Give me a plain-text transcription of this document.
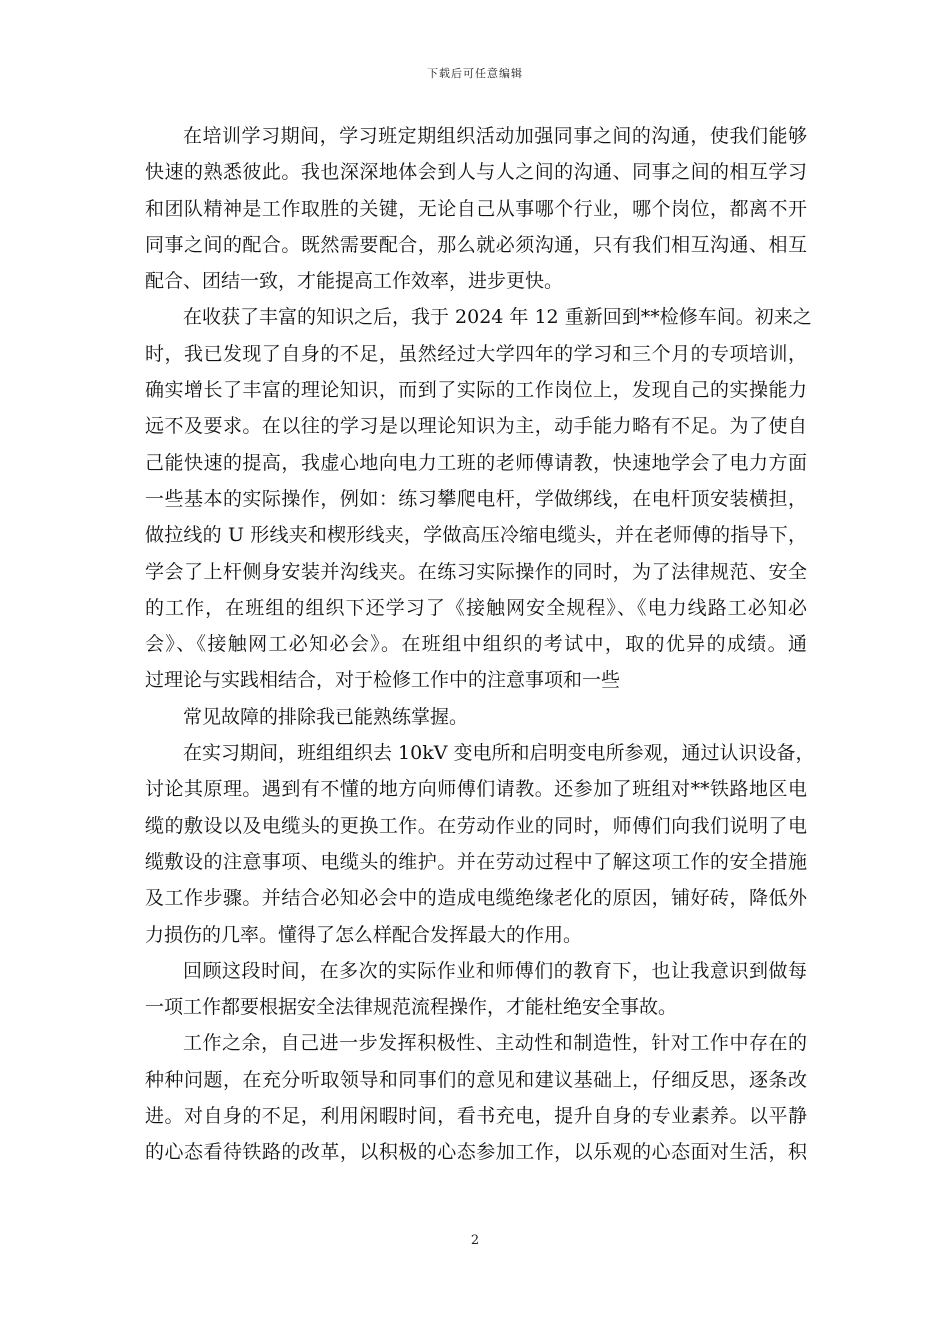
下载后可任意编辑
在培训学习期间，学习班定期组织活动加强同事之间的沟通，使我们能够
快速的熟悉彼此。我也深深地体会到人与人之间的沟通、同事之间的相互学习
和团队精神是工作取胜的关键，无论自己从事哪个行业，哪个岗位，都离不开
同事之间的配合。既然需要配合，那么就必须沟通，只有我们相互沟通、相互
配合、团结一致，才能提高工作效率，进步更快。
在收获了丰富的知识之后，我于 2024 年 12 重新回到**检修车间。初来之
时，我已发现了自身的不足，虽然经过大学四年的学习和三个月的专项培训，
确实增长了丰富的理论知识，而到了实际的工作岗位上，发现自己的实操能力
远不及要求。在以往的学习是以理论知识为主，动手能力略有不足。为了使自
己能快速的提高，我虚心地向电力工班的老师傅请教，快速地学会了电力方面
一些基本的实际操作，例如：练习攀爬电杆，学做绑线，在电杆顶安装横担，
做拉线的 U 形线夹和楔形线夹，学做高压冷缩电缆头，并在老师傅的指导下，
学会了上杆侧身安装并沟线夹。在练习实际操作的同时，为了法律规范、安全
的工作，在班组的组织下还学习了《接触网安全规程》、《电力线路工必知必
会》、《接触网工必知必会》。在班组中组织的考试中，取的优异的成绩。通
过理论与实践相结合，对于检修工作中的注意事项和一些
常见故障的排除我已能熟练掌握。
在实习期间，班组组织去 10kV 变电所和启明变电所参观，通过认识设备，
讨论其原理。遇到有不懂的地方向师傅们请教。还参加了班组对**铁路地区电
缆的敷设以及电缆头的更换工作。在劳动作业的同时，师傅们向我们说明了电
缆敷设的注意事项、电缆头的维护。并在劳动过程中了解这项工作的安全措施
及工作步骤。并结合必知必会中的造成电缆绝缘老化的原因，铺好砖，降低外
力损伤的几率。懂得了怎么样配合发挥最大的作用。
回顾这段时间，在多次的实际作业和师傅们的教育下，也让我意识到做每
一项工作都要根据安全法律规范流程操作，才能杜绝安全事故。
工作之余，自己进一步发挥积极性、主动性和制造性，针对工作中存在的
种种问题，在充分听取领导和同事们的意见和建议基础上，仔细反思，逐条改
进。对自身的不足，利用闲暇时间，看书充电，提升自身的专业素养。以平静
的心态看待铁路的改革，以积极的心态参加工作，以乐观的心态面对生活，积
2
